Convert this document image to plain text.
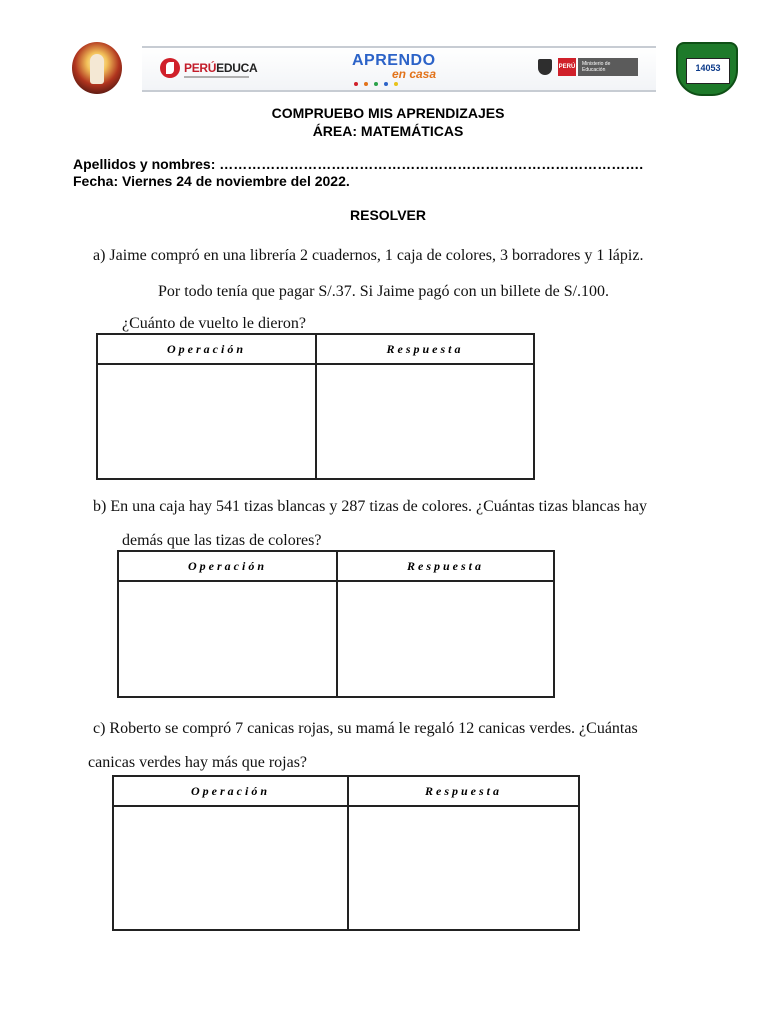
PERÚEDUCA	APRENDO
en casa	PERÚ	Ministerio de Educación	14053
COMPRUEBO MIS APRENDIZAJES
ÁREA: MATEMÁTICAS
Apellidos y nombres: ……………………………………………………………………………….
Fecha: Viernes 24 de noviembre del 2022.
RESOLVER
a) Jaime compró en una librería 2 cuadernos, 1 caja de colores, 3 borradores y 1 lápiz.
Por todo tenía que pagar S/.37. Si Jaime pagó con un billete de S/.100.
¿Cuánto de vuelto le dieron?
Operación	Respuesta
b) En una caja hay 541 tizas blancas y 287 tizas de colores. ¿Cuántas tizas blancas hay
demás que las tizas de colores?
Operación	Respuesta
c) Roberto se compró 7 canicas rojas, su mamá le regaló 12 canicas verdes. ¿Cuántas
canicas verdes hay más que rojas?
Operación	Respuesta
